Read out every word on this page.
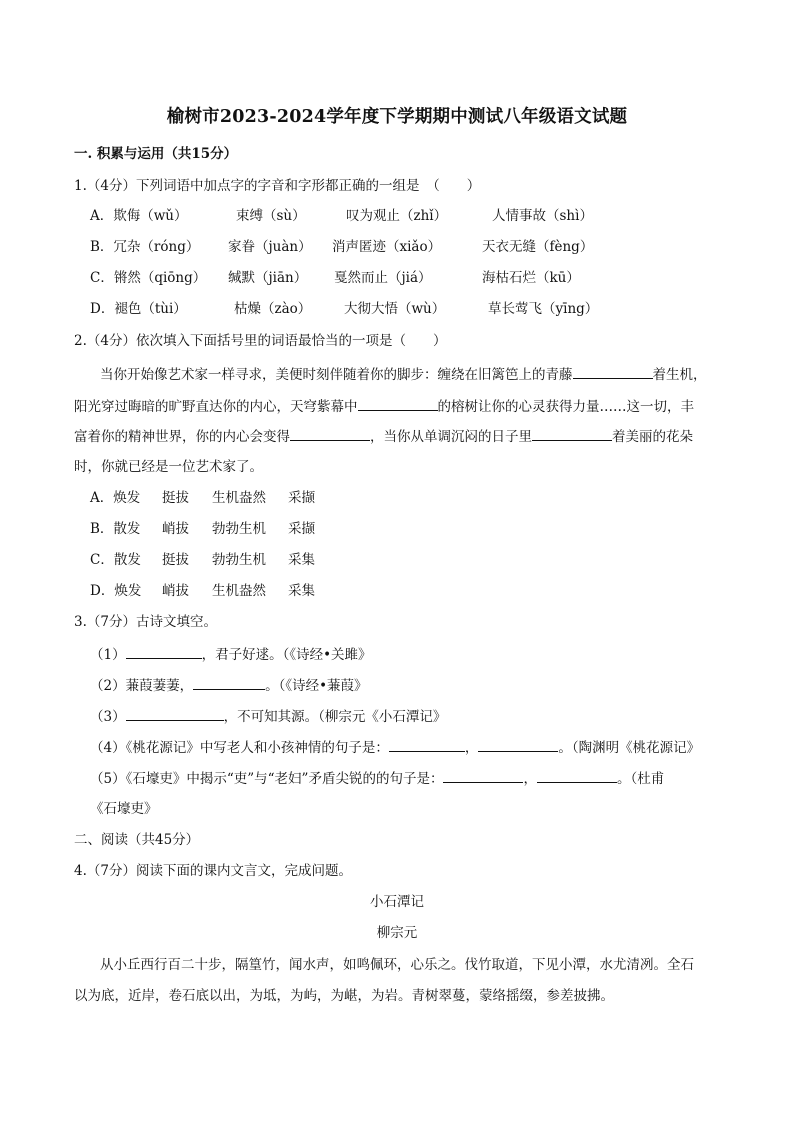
榆树市2023-2024学年度下学期期中测试八年级语文试题
一. 积累与运用（共15分）
1.（4分）下列词语中加点字的字音和字形都正确的一组是　（　　）
A．欺侮（wǔ）	束缚（sù）	叹为观止（zhǐ）	人情事故（shì）
B．冗杂（róng） 家眷（juàn） 消声匿迹（xiǎo）	天衣无缝（fèng）
C．锵然（qiōng） 缄默（jiān） 戛然而止（jiá）	海枯石烂（kū）
D．褪色（tùi）	枯燥（zào） 大彻大悟（wù）	草长莺飞（yīng）
2.（4分）依次填入下面括号里的词语最恰当的一项是（　　）
当你开始像艺术家一样寻求，美便时刻伴随着你的脚步：缠绕在旧篱笆上的青藤	着生机，
阳光穿过晦暗的旷野直达你的内心，天穹紫幕中	的榕树让你的心灵获得力量……这一切，丰
富着你的精神世界，你的内心会变得	，当你从单调沉闷的日子里	着美丽的花朵
时，你就已经是一位艺术家了。
A．焕发 挺拔 生机盎然 采撷
B．散发 峭拔 勃勃生机 采撷
C．散发 挺拔 勃勃生机 采集
D．焕发 峭拔 生机盎然 采集
3.（7分）古诗文填空。
（1）	，君子好逑。（《诗经•关雎》
（2）蒹葭萋萋，	。（《诗经•蒹葭》
（3）	，不可知其源。（柳宗元《小石潭记》
（4）《桃花源记》中写老人和小孩神情的句子是：	，	。（陶渊明《桃花源记》
（5）《石壕吏》中揭示“吏”与“老妇”矛盾尖锐的的句子是：	，	。（杜甫
《石壕吏》
二、阅读（共45分）
4.（7分）阅读下面的课内文言文，完成问题。
小石潭记
柳宗元
从小丘西行百二十步，隔篁竹，闻水声，如鸣佩环，心乐之。伐竹取道，下见小潭，水尤清冽。全石
以为底，近岸，卷石底以出，为坻，为屿，为嵁，为岩。青树翠蔓，蒙络摇缀，参差披拂。
